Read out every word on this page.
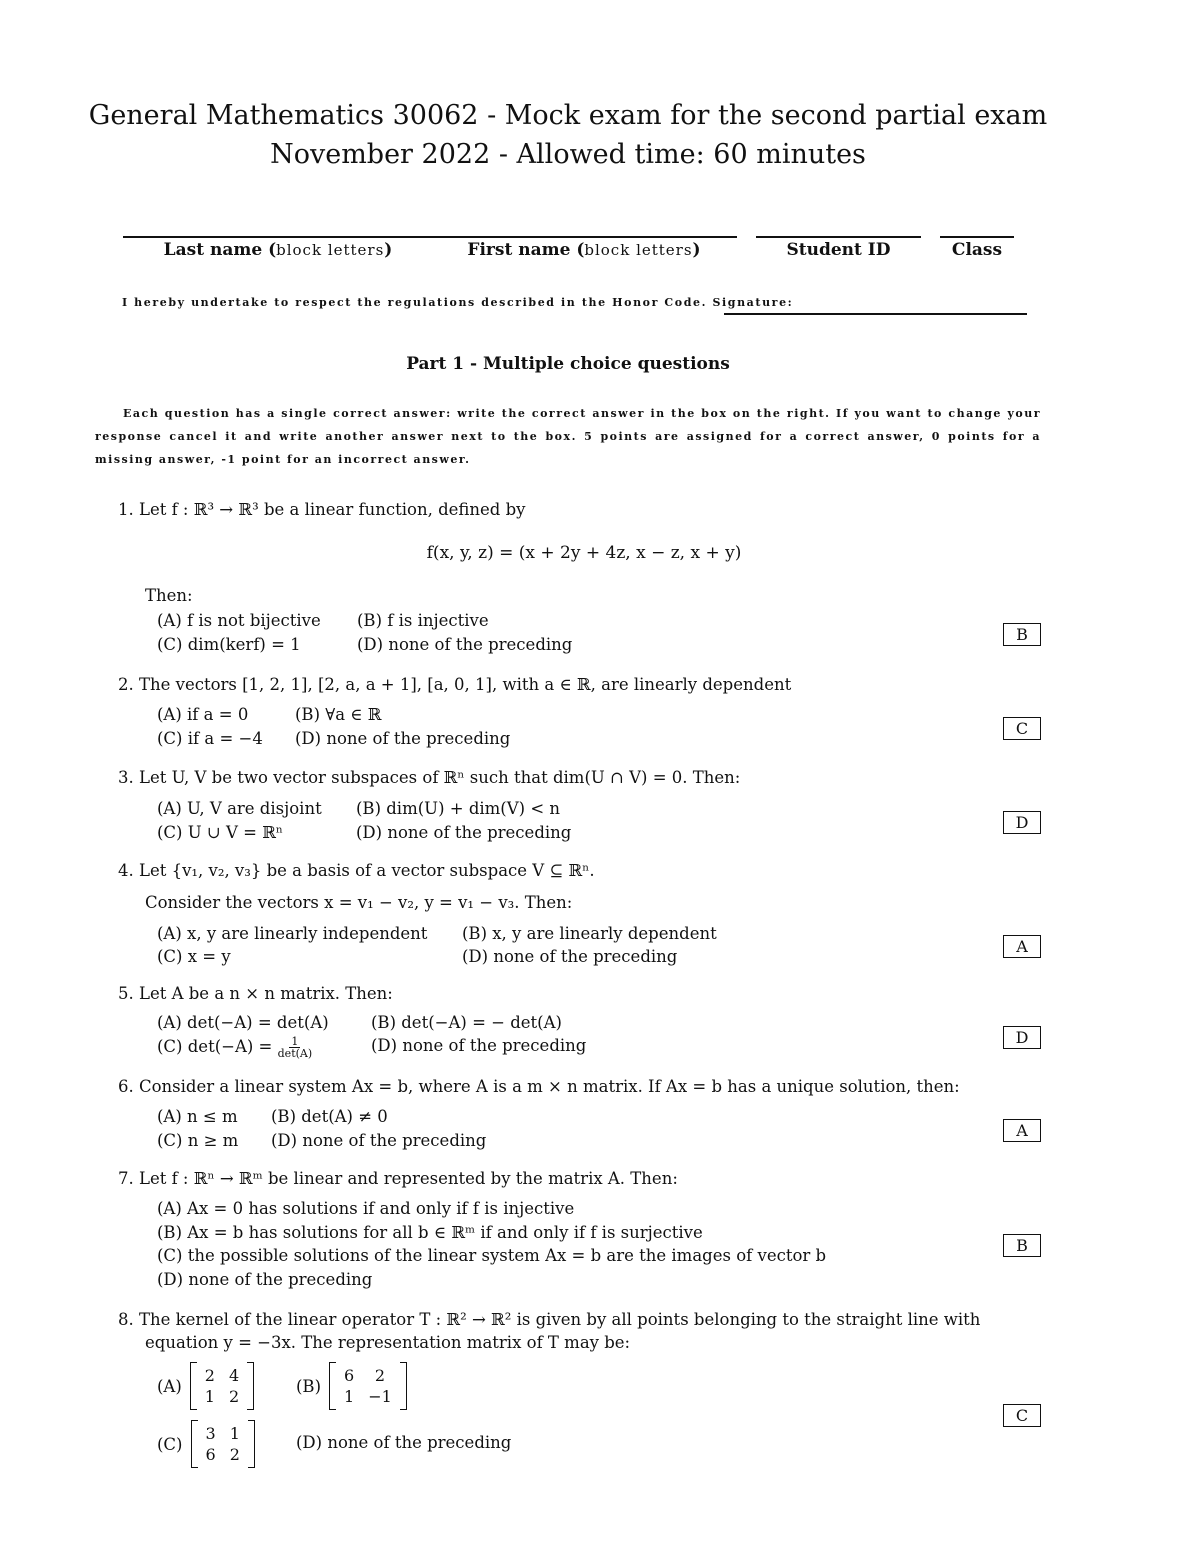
General Mathematics 30062 - Mock exam for the second partial exam
November 2022 - Allowed time: 60 minutes
Last name (block letters)	First name (block letters)	Student ID	Class
I hereby undertake to respect the regulations described in the Honor Code. Signature:
Part 1 - Multiple choice questions
Each question has a single correct answer: write the correct answer in the box on the right. If you want to change your response cancel it and write another answer next to the box. 5 points are assigned for a correct answer, 0 points for a missing answer, -1 point for an incorrect answer.
1. Let f : ℝ³ → ℝ³ be a linear function, defined by
f(x, y, z) = (x + 2y + 4z, x − z, x + y)
Then:
(A) f is not bijective (B) f is injective
(C) dim(kerf) = 1	(D) none of the preceding
B
2. The vectors [1, 2, 1], [2, a, a + 1], [a, 0, 1], with a ∈ ℝ, are linearly dependent
(A) if a = 0	(B) ∀a ∈ ℝ
(C) if a = −4 (D) none of the preceding
C
3. Let U, V be two vector subspaces of ℝⁿ such that dim(U ∩ V) = 0. Then:
(A) U, V are disjoint (B) dim(U) + dim(V) < n
(C) U ∪ V = ℝⁿ	(D) none of the preceding
D
4. Let {v₁, v₂, v₃} be a basis of a vector subspace V ⊆ ℝⁿ.
Consider the vectors x = v₁ − v₂, y = v₁ − v₃. Then:
(A) x, y are linearly independent (B) x, y are linearly dependent
(C) x = y	(D) none of the preceding
A
5. Let A be a n × n matrix. Then:
(A) det(−A) = det(A)	(B) det(−A) = − det(A)
(C) $\det(-A) = \frac{1}{\det(A)}$	(D) none of the preceding	D
6. Consider a linear system Ax = b, where A is a m × n matrix. If Ax = b has a unique solution, then:
(A) n ≤ m (B) det(A) ≠ 0
(C) n ≥ m (D) none of the preceding
A
7. Let f : ℝⁿ → ℝᵐ be linear and represented by the matrix A. Then:
(A) Ax = 0 has solutions if and only if f is injective
(B) Ax = b has solutions for all b ∈ ℝᵐ if and only if f is surjective
(C) the possible solutions of the linear system Ax = b are the images of vector b
(D) none of the preceding
B
8. The kernel of the linear operator T : ℝ² → ℝ² is given by all points belonging to the straight line with
equation y = −3x. The representation matrix of T may be:
(A)
2 4
1 2
(B)
6	2
1 −1
(C)
3 1
6 2
(D) none of the preceding
C
